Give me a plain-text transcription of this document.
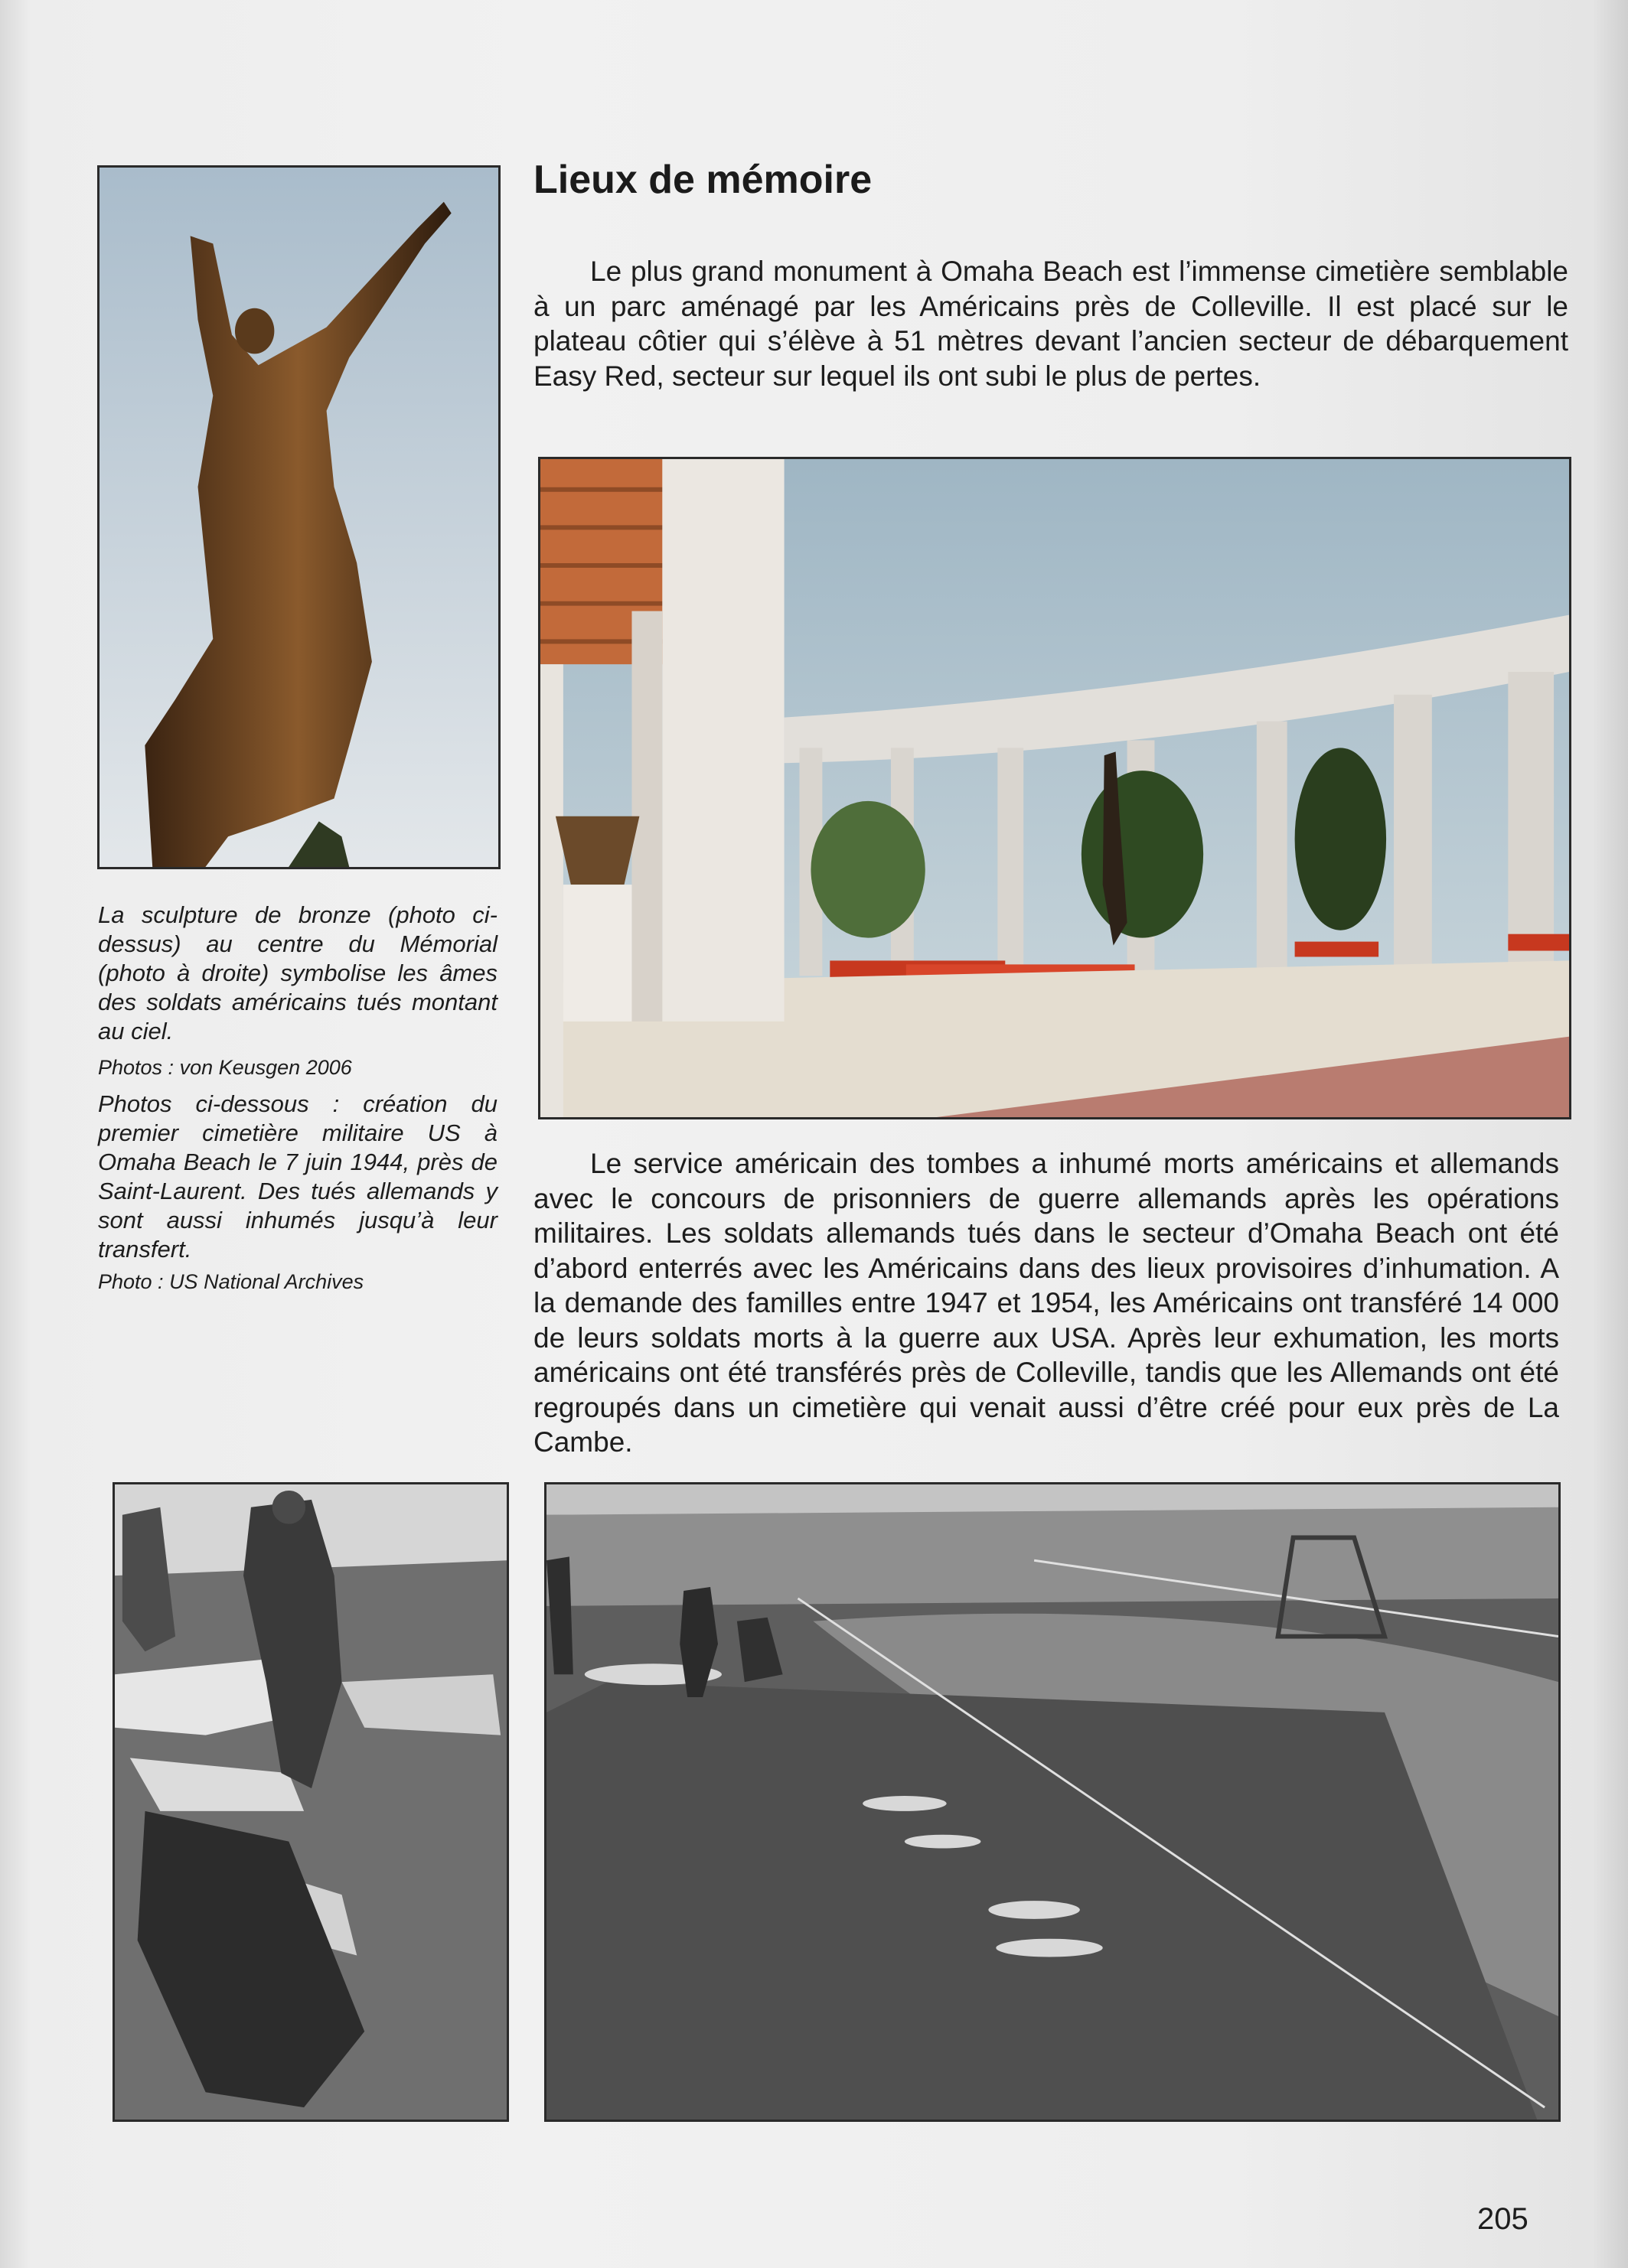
Lieux de mémoire

Le plus grand monument à Omaha Beach est l’immense cimetière semblable à un parc aménagé par les Américains près de Colleville. Il est placé sur le plateau côtier qui s’élève à 51 mètres devant l’ancien secteur de débarquement Easy Red, secteur sur lequel ils ont subi le plus de pertes.

La sculpture de bronze (photo ci-dessus) au centre du Mémorial (photo à droite) symbolise les âmes des soldats américains tués montant au ciel.

Photos : von Keusgen 2006

Photos ci-dessous : création du premier cimetière militaire US à Omaha Beach le 7 juin 1944, près de Saint-Laurent. Des tués allemands y sont aussi inhumés jusqu’à leur transfert.

Photo : US National Archives

Le service américain des tombes a inhumé morts américains et allemands avec le concours de prisonniers de guerre allemands après les opérations militaires. Les soldats allemands tués dans le secteur d’Omaha Beach ont été d’abord enterrés avec les Américains dans des lieux provisoires d’inhumation. A la demande des familles entre 1947 et 1954, les Américains ont transféré 14 000 de leurs soldats morts à la guerre aux USA. Après leur exhumation, les morts américains ont été transférés près de Colleville, tandis que les Allemands ont été regroupés dans un cimetière qui venait aussi d’être créé pour eux près de La Cambe.

205
